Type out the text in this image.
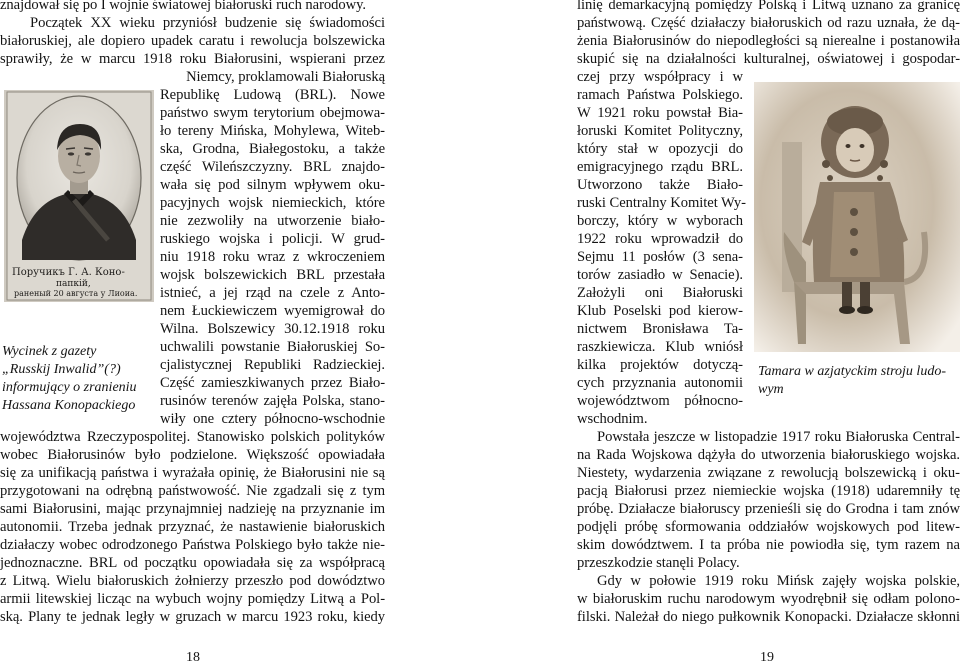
znajdował się po I wojnie światowej białoruski ruch narodowy.
Początek XX wieku przyniósł budzenie się świadomości
białoruskiej, ale dopiero upadek caratu i rewolucja bolszewicka
sprawiły, że w marcu 1918 roku Białorusini, wspierani przez
Niemcy, proklamowali Białoruską
Republikę Ludową (BRL). Nowe
państwo swym terytorium obejmowa-
ło tereny Mińska, Mohylewa, Witeb-
ska, Grodna, Białegostoku, a także
część Wileńszczyzny. BRL znajdo-
wała się pod silnym wpływem oku-
pacyjnych wojsk niemieckich, które
nie zezwoliły na utworzenie biało-
ruskiego wojska i policji. W grud-
niu 1918 roku wraz z wkroczeniem
wojsk bolszewickich BRL przestała
istnieć, a jej rząd na czele z Anto-
nem Łuckiewiczem wyemigrował do
Wilna. Bolszewicy 30.12.1918 roku
uchwalili powstanie Białoruskiej So-
cjalistycznej Republiki Radzieckiej.
Część zamieszkiwanych przez Biało-
rusinów terenów zajęła Polska, stano-
wiły one cztery północno-wschodnie
województwa Rzeczypospolitej. Stanowisko polskich polityków
wobec Białorusinów było podzielone. Większość opowiadała
się za unifikacją państwa i wyrażała opinię, że Białorusini nie są
przygotowani na odrębną państwowość. Nie zgadzali się z tym
sami Białorusini, mając przynajmniej nadzieję na przyznanie im
autonomii. Trzeba jednak przyznać, że nastawienie białoruskich
działaczy wobec odrodzonego Państwa Polskiego było także nie-
jednoznaczne. BRL od początku opowiadała się za współpracą
z Litwą. Wielu białoruskich żołnierzy przeszło pod dowództwo
armii litewskiej licząc na wybuch wojny pomiędzy Litwą a Pol-
ską. Plany te jednak legły w gruzach w marcu 1923 roku, kiedy
Поручикъ Г. А. Коно-
папкій,
раненый 20 августа у Лиоиа.
Wycinek z gazety
„Russkij Inwalid”(?)
informujący o zranieniu
Hassana Konopackiego
18
linię demarkacyjną pomiędzy Polską i Litwą uznano za granicę
państwową. Część działaczy białoruskich od razu uznała, że dą-
żenia Białorusinów do niepodległości są nierealne i postanowiła
skupić się na działalności kulturalnej, oświatowej i gospodar-
czej przy współpracy i w
ramach Państwa Polskiego.
W 1921 roku powstał Bia-
łoruski Komitet Polityczny,
który stał w opozycji do
emigracyjnego rządu BRL.
Utworzono także Biało-
ruski Centralny Komitet Wy-
borczy, który w wyborach
1922 roku wprowadził do
Sejmu 11 posłów (3 sena-
torów zasiadło w Senacie).
Założyli oni Białoruski
Klub Poselski pod kierow-
nictwem Bronisława Ta-
raszkiewicza. Klub wniósł
kilka projektów dotyczą-
cych przyznania autonomii
województwom północno-
wschodnim.
Powstała jeszcze w listopadzie 1917 roku Białoruska Central-
na Rada Wojskowa dążyła do utworzenia białoruskiego wojska.
Niestety, wydarzenia związane z rewolucją bolszewicką i oku-
pacją Białorusi przez niemieckie wojska (1918) udaremniły tę
próbę. Działacze białoruscy przenieśli się do Grodna i tam znów
podjęli próbę sformowania oddziałów wojskowych pod litew-
skim dowództwem. I ta próba nie powiodła się, tym razem na
przeszkodzie stanęli Polacy.
Gdy w połowie 1919 roku Mińsk zajęły wojska polskie,
w białoruskim ruchu narodowym wyodrębnił się odłam polono-
filski. Należał do niego pułkownik Konopacki. Działacze skłonni
Tamara w azjatyckim stroju ludo-
wym
19
